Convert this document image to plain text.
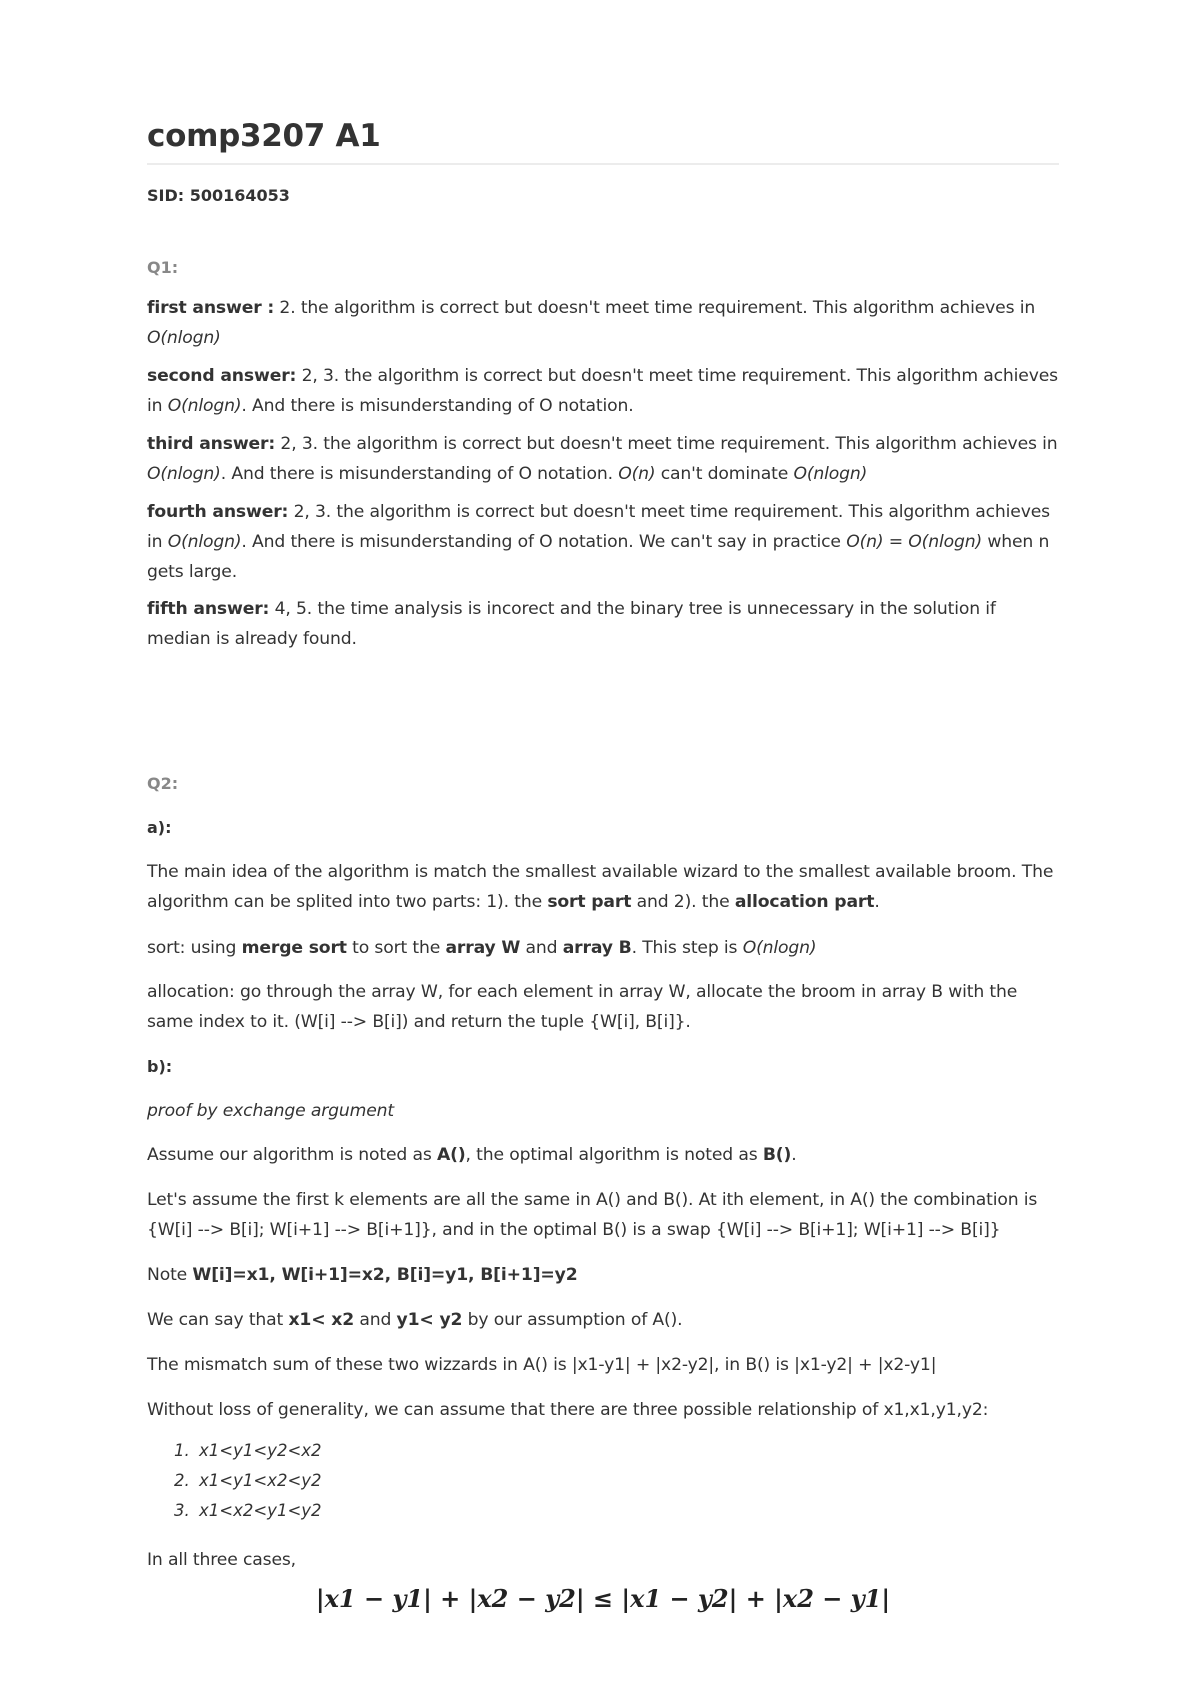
comp3207 A1
SID: 500164053
Q1:
first answer : 2. the algorithm is correct but doesn't meet time requirement. This algorithm achieves in O(nlogn)
second answer: 2, 3. the algorithm is correct but doesn't meet time requirement. This algorithm achieves in O(nlogn). And there is misunderstanding of O notation.
third answer: 2, 3. the algorithm is correct but doesn't meet time requirement. This algorithm achieves in O(nlogn). And there is misunderstanding of O notation. O(n) can't dominate O(nlogn)
fourth answer: 2, 3. the algorithm is correct but doesn't meet time requirement. This algorithm achieves in O(nlogn). And there is misunderstanding of O notation. We can't say in practice O(n) = O(nlogn) when n gets large.
fifth answer: 4, 5. the time analysis is incorect and the binary tree is unnecessary in the solution if median is already found.
Q2:
a):
The main idea of the algorithm is match the smallest available wizard to the smallest available broom. The algorithm can be splited into two parts: 1). the sort part and 2). the allocation part.
sort: using merge sort to sort the array W and array B. This step is O(nlogn)
allocation: go through the array W, for each element in array W, allocate the broom in array B with the same index to it. (W[i] --> B[i]) and return the tuple {W[i], B[i]}.
b):
proof by exchange argument
Assume our algorithm is noted as A(), the optimal algorithm is noted as B().
Let's assume the first k elements are all the same in A() and B(). At ith element, in A() the combination is {W[i] --> B[i]; W[i+1] --> B[i+1]}, and in the optimal B() is a swap {W[i] --> B[i+1]; W[i+1] --> B[i]}
Note W[i]=x1, W[i+1]=x2, B[i]=y1, B[i+1]=y2
We can say that x1< x2 and y1< y2 by our assumption of A().
The mismatch sum of these two wizzards in A() is |x1-y1| + |x2-y2|, in B() is |x1-y2| + |x2-y1|
Without loss of generality, we can assume that there are three possible relationship of x1,x1,y1,y2:
1. x1<y1<y2<x2
2. x1<y1<x2<y2
3. x1<x2<y1<y2
In all three cases,
|x1 − y1| + |x2 − y2| ≤ |x1 − y2| + |x2 − y1|
